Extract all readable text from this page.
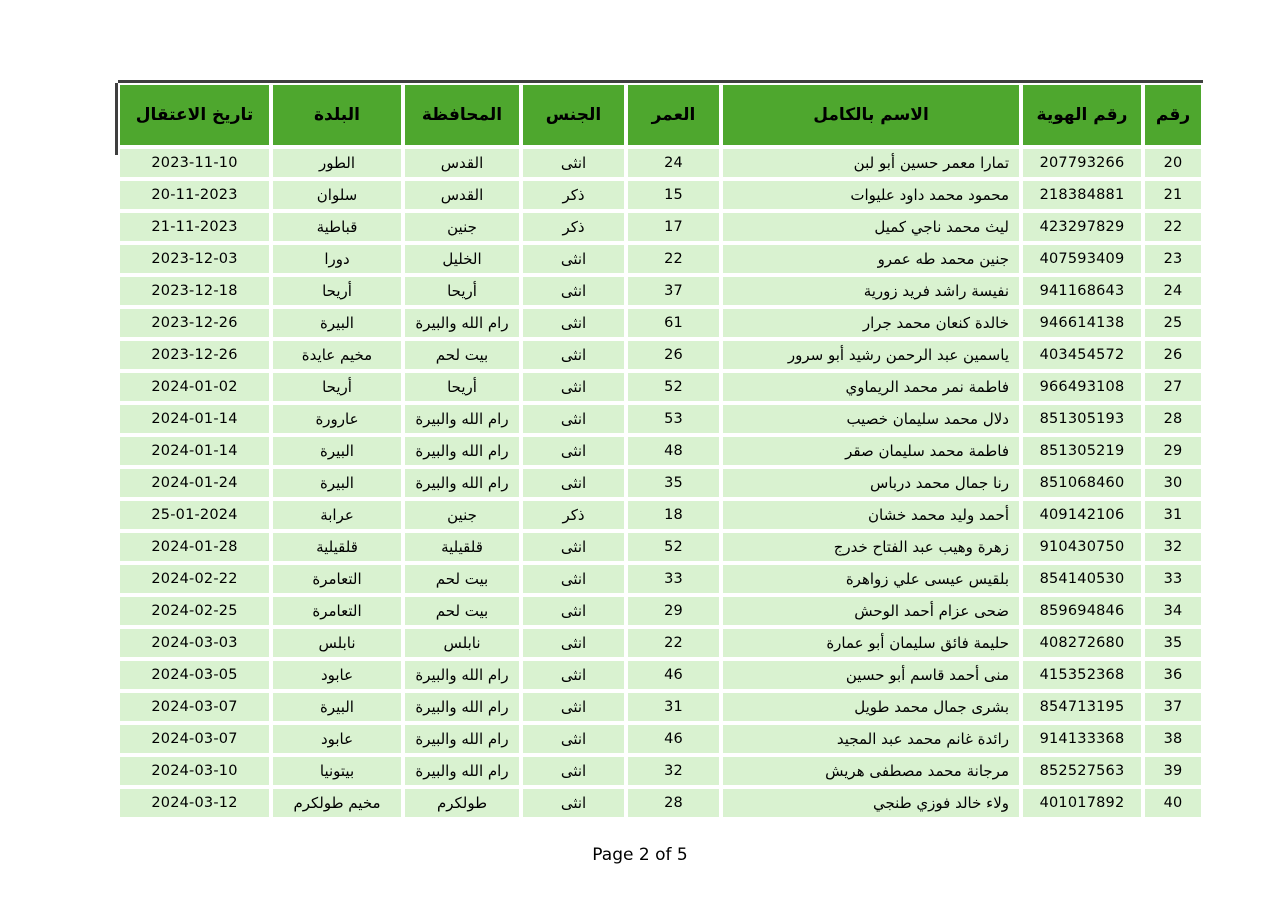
رقم	رقم الهوية	الاسم بالكامل	العمر	الجنس	المحافظة	البلدة	تاريخ الاعتقال
20	207793266	تمارا معمر حسين أبو لبن	24	انثى	القدس	الطور	2023-11-10
21	218384881	محمود محمد داود عليوات	15	ذكر	القدس	سلوان	20-11-2023
22	423297829	ليث محمد ناجي كميل	17	ذكر	جنين	قباطية	21-11-2023
23	407593409	جنين محمد طه عمرو	22	انثى	الخليل	دورا	2023-12-03
24	941168643	نفيسة راشد فريد زورية	37	انثى	أريحا	أريحا	2023-12-18
25	946614138	خالدة كنعان محمد جرار	61	انثى	رام الله والبيرة	البيرة	2023-12-26
26	403454572	ياسمين عبد الرحمن رشيد أبو سرور	26	انثى	بيت لحم	مخيم عايدة	2023-12-26
27	966493108	فاطمة نمر محمد الريماوي	52	انثى	أريحا	أريحا	2024-01-02
28	851305193	دلال محمد سليمان خصيب	53	انثى	رام الله والبيرة	عارورة	2024-01-14
29	851305219	فاطمة محمد سليمان صقر	48	انثى	رام الله والبيرة	البيرة	2024-01-14
30	851068460	رنا جمال محمد درباس	35	انثى	رام الله والبيرة	البيرة	2024-01-24
31	409142106	أحمد وليد محمد خشان	18	ذكر	جنين	عرابة	25-01-2024
32	910430750	زهرة وهيب عبد الفتاح خدرج	52	انثى	قلقيلية	قلقيلية	2024-01-28
33	854140530	بلقيس عيسى علي زواهرة	33	انثى	بيت لحم	التعامرة	2024-02-22
34	859694846	ضحى عزام أحمد الوحش	29	انثى	بيت لحم	التعامرة	2024-02-25
35	408272680	حليمة فائق سليمان أبو عمارة	22	انثى	نابلس	نابلس	2024-03-03
36	415352368	منى أحمد قاسم أبو حسين	46	انثى	رام الله والبيرة	عابود	2024-03-05
37	854713195	بشرى جمال محمد طويل	31	انثى	رام الله والبيرة	البيرة	2024-03-07
38	914133368	رائدة غانم محمد عبد المجيد	46	انثى	رام الله والبيرة	عابود	2024-03-07
39	852527563	مرجانة محمد مصطفى هريش	32	انثى	رام الله والبيرة	بيتونيا	2024-03-10
40	401017892	ولاء خالد فوزي طنجي	28	انثى	طولكرم	مخيم طولكرم	2024-03-12
Page 2 of 5
